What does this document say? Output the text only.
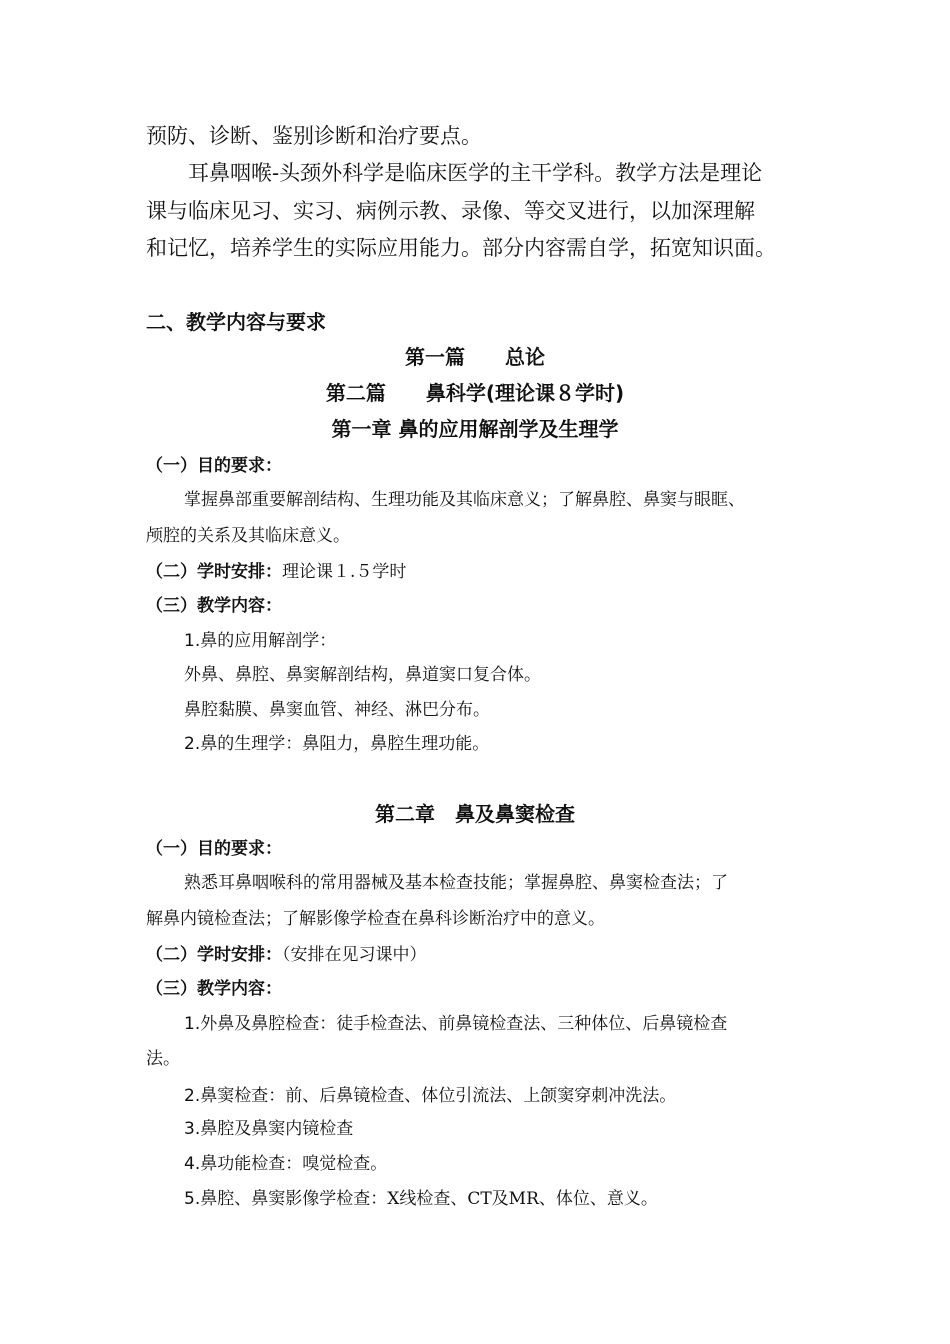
预防、诊断、鉴别诊断和治疗要点。
耳鼻咽喉-头颈外科学是临床医学的主干学科。教学方法是理论
课与临床见习、实习、病例示教、录像、等交叉进行，以加深理解
和记忆，培养学生的实际应用能力。部分内容需自学，拓宽知识面。
二、教学内容与要求
第一篇　　总论
第二篇　　鼻科学(理论课８学时)
第一章 鼻的应用解剖学及生理学
（一）目的要求：
掌握鼻部重要解剖结构、生理功能及其临床意义；了解鼻腔、鼻窦与眼眶、
颅腔的关系及其临床意义。
（二）学时安排：理论课１.５学时
（三）教学内容：
1.鼻的应用解剖学：
外鼻、鼻腔、鼻窦解剖结构，鼻道窦口复合体。
鼻腔黏膜、鼻窦血管、神经、淋巴分布。
2.鼻的生理学：鼻阻力，鼻腔生理功能。
第二章　鼻及鼻窦检查
（一）目的要求：
熟悉耳鼻咽喉科的常用器械及基本检查技能；掌握鼻腔、鼻窦检查法；了
解鼻内镜检查法；了解影像学检查在鼻科诊断治疗中的意义。
（二）学时安排：（安排在见习课中）
（三）教学内容：
1.外鼻及鼻腔检查：徒手检查法、前鼻镜检查法、三种体位、后鼻镜检查
法。
2.鼻窦检查：前、后鼻镜检查、体位引流法、上颌窦穿刺冲洗法。
3.鼻腔及鼻窦内镜检查
4.鼻功能检查：嗅觉检查。
5.鼻腔、鼻窦影像学检查：X线检查、CT及MR、体位、意义。
